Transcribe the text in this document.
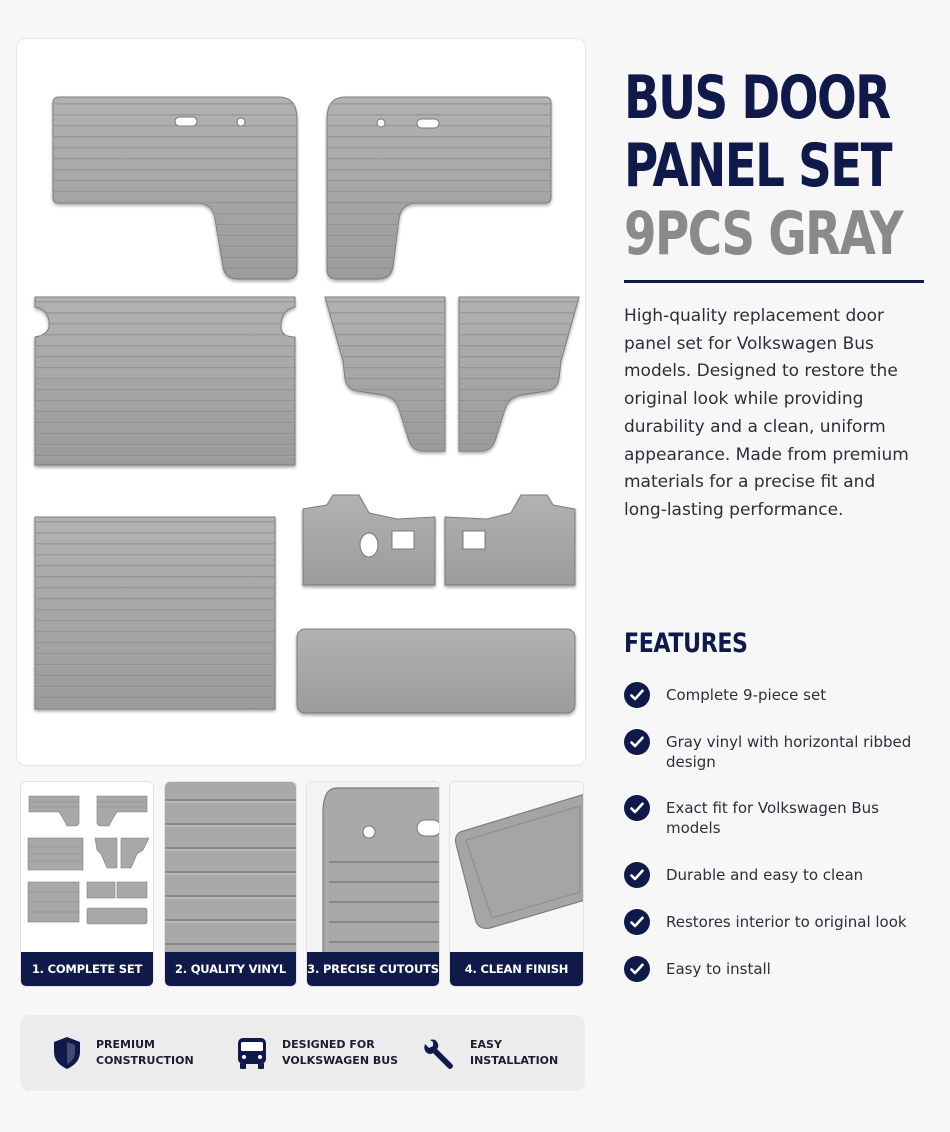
BUS DOOR
PANEL SET
9PCS GRAY
High-quality replacement door panel set for Volkswagen Bus models. Designed to restore the original look while providing durability and a clean, uniform appearance. Made from premium materials for a precise fit and long-lasting performance.
FEATURES
Complete 9-piece set
Gray vinyl with horizontal ribbed design
Exact fit for Volkswagen Bus models
Durable and easy to clean
Restores interior to original look
Easy to install
1. COMPLETE SET	2. QUALITY VINYL	3. PRECISE CUTOUTS	4. CLEAN FINISH
PREMIUM
CONSTRUCTION
DESIGNED FOR
VOLKSWAGEN BUS
EASY
INSTALLATION
